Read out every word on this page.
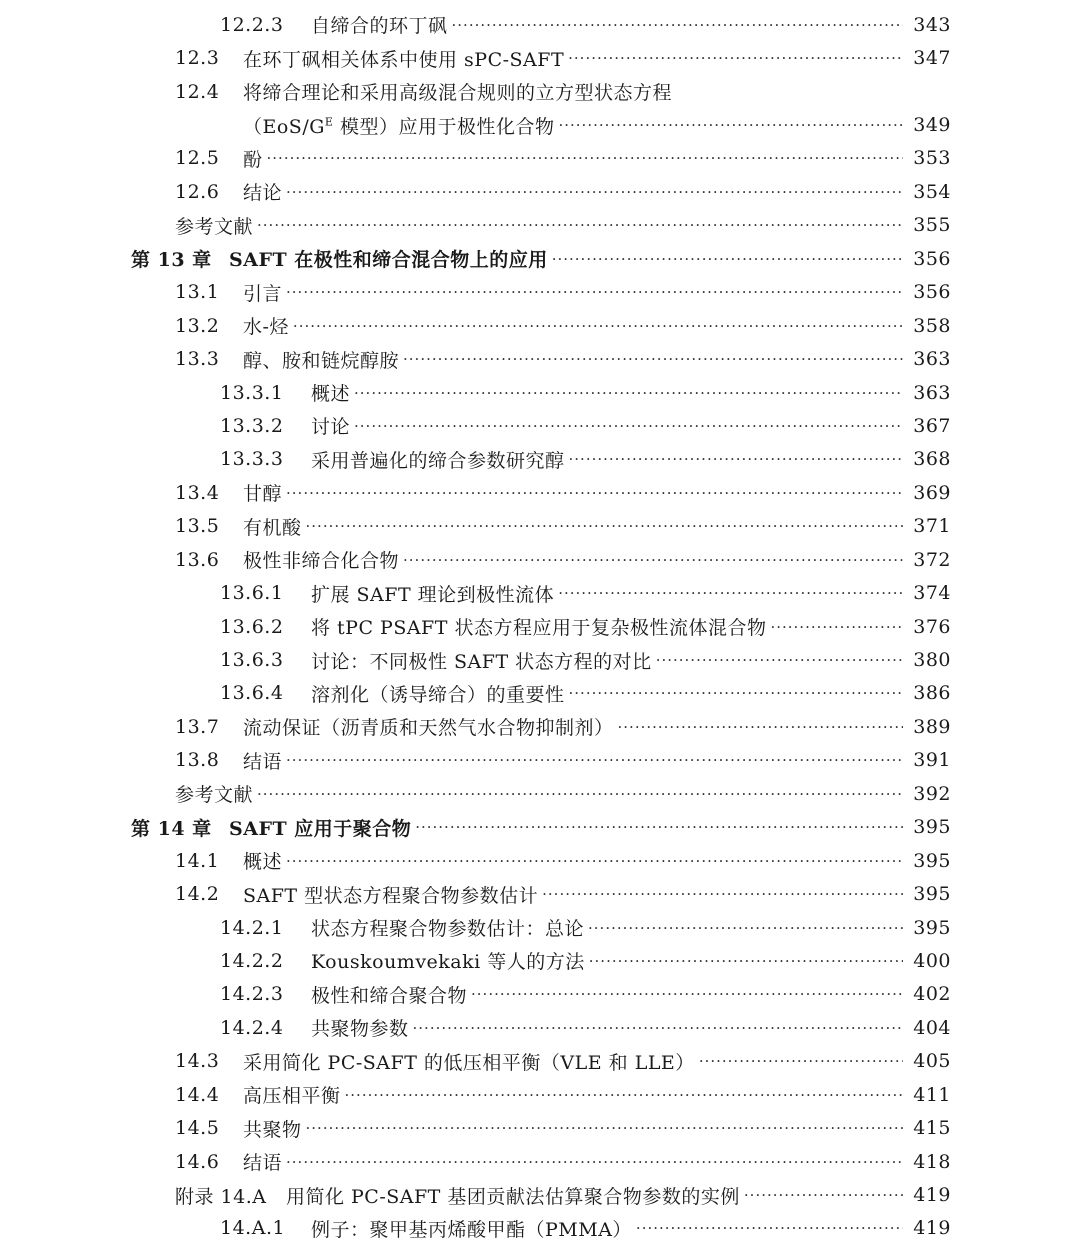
12.2.3	自缔合的环丁砜 ·····	343
12.3	在环丁砜相关体系中使用 sPC-SAFT ·····	347
12.4	将缔合理论和采用高级混合规则的立方型状态方程
（$EoS/G^E$ 模型）应用于极性化合物 ·····	349
12.5	酚 ·····	353
12.6	结论 ·····	354
参考文献 ·····	355
第 13 章 SAFT 在极性和缔合混合物上的应用 ·····	356
13.1	引言 ·····	356
13.2	水-烃 ·····	358
13.3	醇、胺和链烷醇胺 ·····	363
13.3.1	概述 ·····	363
13.3.2	讨论 ·····	367
13.3.3	采用普遍化的缔合参数研究醇 ·····	368
13.4	甘醇 ·····	369
13.5	有机酸 ·····	371
13.6	极性非缔合化合物 ·····	372
13.6.1	扩展 SAFT 理论到极性流体 ·····	374
13.6.2	将 tPC PSAFT 状态方程应用于复杂极性流体混合物 ·····	376
13.6.3	讨论：不同极性 SAFT 状态方程的对比 ·····	380
13.6.4	溶剂化（诱导缔合）的重要性 ·····	386
13.7	流动保证（沥青质和天然气水合物抑制剂） ·····	389
13.8	结语 ·····	391
参考文献 ·····	392
第 14 章 SAFT 应用于聚合物 ·····	395
14.1	概述 ·····	395
14.2	SAFT 型状态方程聚合物参数估计 ·····	395
14.2.1	状态方程聚合物参数估计：总论 ·····	395
14.2.2	Kouskoumvekaki 等人的方法 ·····	400
14.2.3	极性和缔合聚合物 ·····	402
14.2.4	共聚物参数 ·····	404
14.3	采用简化 PC-SAFT 的低压相平衡（VLE 和 LLE） ·····	405
14.4	高压相平衡 ·····	411
14.5	共聚物 ·····	415
14.6	结语 ·····	418
附录 14.A　用简化 PC-SAFT 基团贡献法估算聚合物参数的实例 ·····	419
14.A.1	例子：聚甲基丙烯酸甲酯（PMMA） ·····	419
